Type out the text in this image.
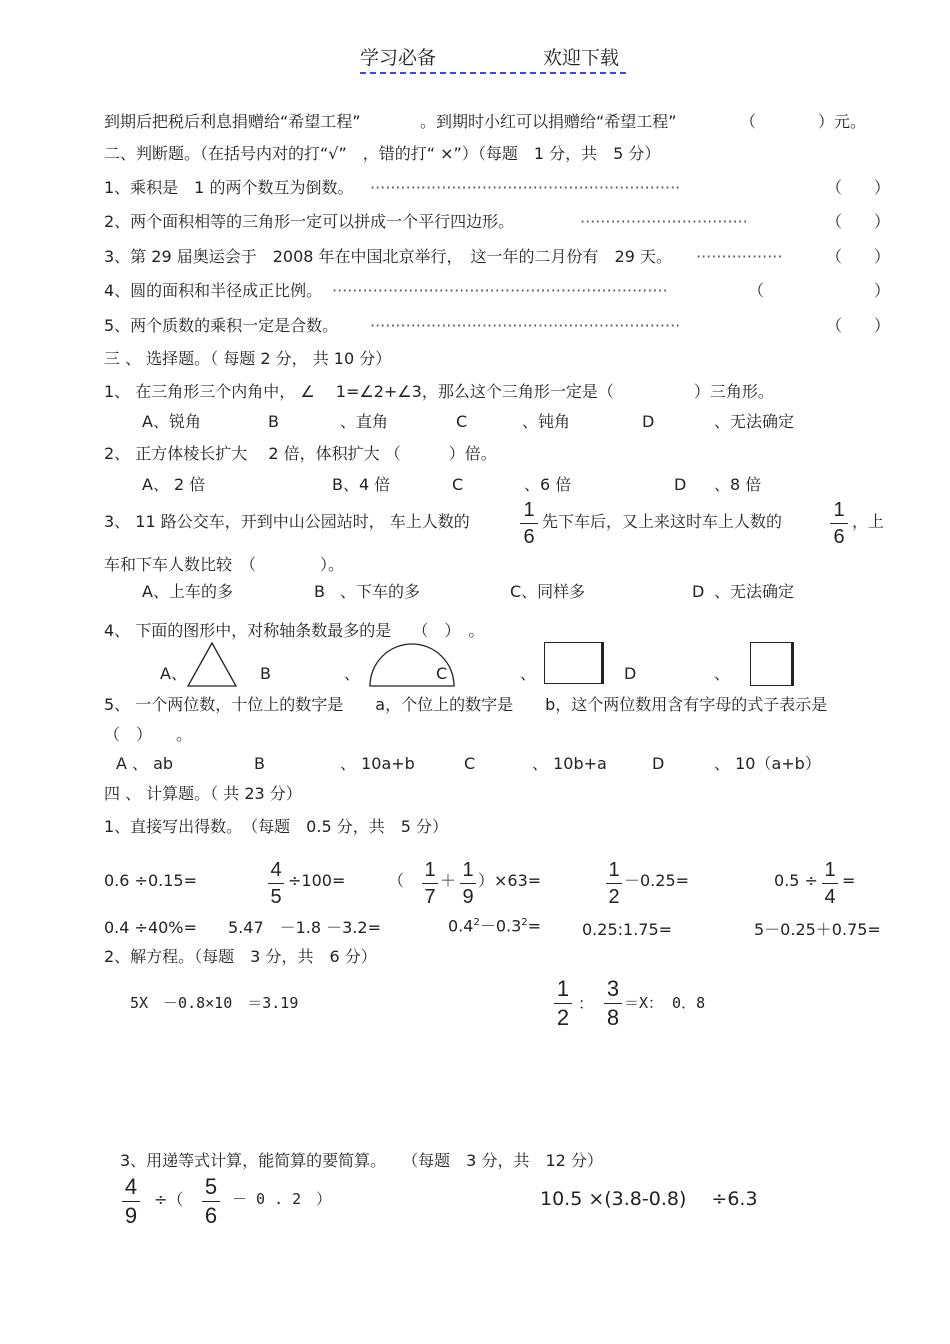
学习必备	欢迎下载
到期后把税后利息捐赠给“希望工程”	。到期时小红可以捐赠给“希望工程”	（	）元。
二、判断题。（在括号内对的打“√”　，错的打“ ×”）（每题　1 分，共　5 分）
1、乘积是　1 的两个数互为倒数。 ·····························································	（　　）
2、两个面积相等的三角形一定可以拼成一个平行四边形。	·································	（　　）
3、第 29 届奥运会于　2008 年在中国北京举行，　这一年的二月份有　29 天。 ·················	（　　）
4、圆的面积和半径成正比例。 ··································································	（	）
5、两个质数的乘积一定是合数。 ·····························································	（　　）
三 、 选择题。（ 每题 2 分， 共 10 分）
1、 在三角形三个内角中， ∠　 1=∠2+∠3，那么这个三角形一定是（　　　　　）三角形。
A、锐角	B	、直角	C	、钝角	D	、无法确定
2、 正方体棱长扩大　 2 倍，体积扩大 （　　　）倍。
A、 2 倍	B、4 倍	C	、6 倍	D 、8 倍
3、 11 路公交车，开到中山公园站时， 车上人数的
1
6
先下车后，又上来这时车上人数的
1
6
，上
车和下车人数比较　（　　　　）。
A、上车的多	B 、下车的多	C、同样多	D 、无法确定
4、 下面的图形中，对称轴条数最多的是　 （　）　。
A、	B	、	C	、	D	、
5、 一个两位数，十位上的数字是　　a，个位上的数字是　　b，这个两位数用含有字母的式子表示是
（　）　　。
A 、 ab	B	、 10a+b	C	、 10b+a	D	、 10（a+b）
四 、 计算题。（ 共 23 分）
1、直接写出得数。　（每题　0.5 分，共　5 分）
0.6 ÷0.15=	4
5
÷100=	（ 1
7
＋ 1
9
）×63=	1
2
－0.25=	0.5 ÷ 1
4
=
0.4 ÷40%= 5.47　－1.8 －3.2=	$0.4^2-0.3^2=$	0.25:1.75=	5－0.25＋0.75=
2、解方程。（每题　3 分，共　6 分）
5X　－0.8×10　＝3.19
1
2
：
3
8
＝X： 0．8
3、用递等式计算，能简算的要简算。　　（每题　3 分，共　12 分）
4
9
÷（
5
6
－ 0 . 2　）	10.5 ×(3.8-0.8)　 ÷6.3
